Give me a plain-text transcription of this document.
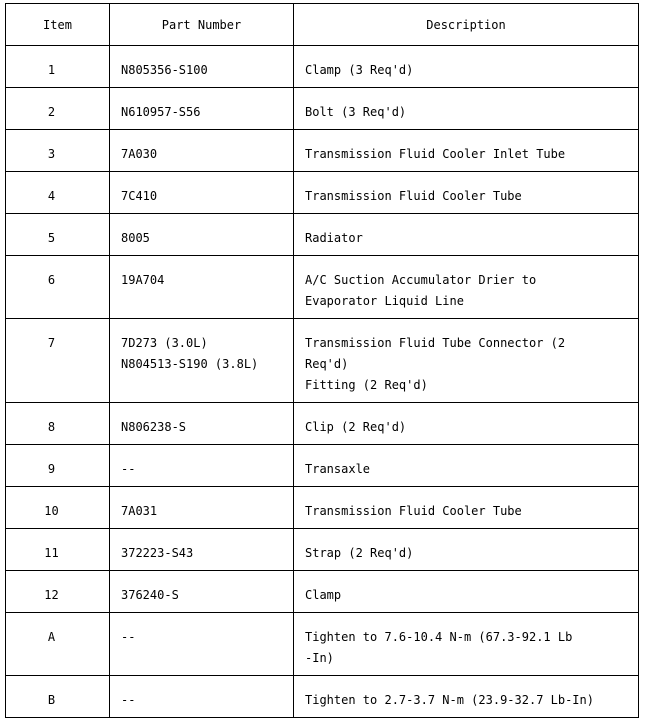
Item	Part Number	Description
1	N805356-S100	Clamp (3 Req'd)

2	N610957-S56	Bolt (3 Req'd)

3	7A030	Transmission Fluid Cooler Inlet Tube

4	7C410	Transmission Fluid Cooler Tube

5	8005	Radiator

6	19A704	A/C Suction Accumulator Drier to
Evaporator Liquid Line

7	7D273 (3.0L)
N804513-S190 (3.8L)	Transmission Fluid Tube Connector (2
Req'd)
Fitting (2 Req'd)

8	N806238-S	Clip (2 Req'd)

9	--	Transaxle

10	7A031	Transmission Fluid Cooler Tube

11	372223-S43	Strap (2 Req'd)

12	376240-S	Clamp

A	--	Tighten to 7.6-10.4 N-m (67.3-92.1 Lb
-In)

B	--	Tighten to 2.7-3.7 N-m (23.9-32.7 Lb-In)
